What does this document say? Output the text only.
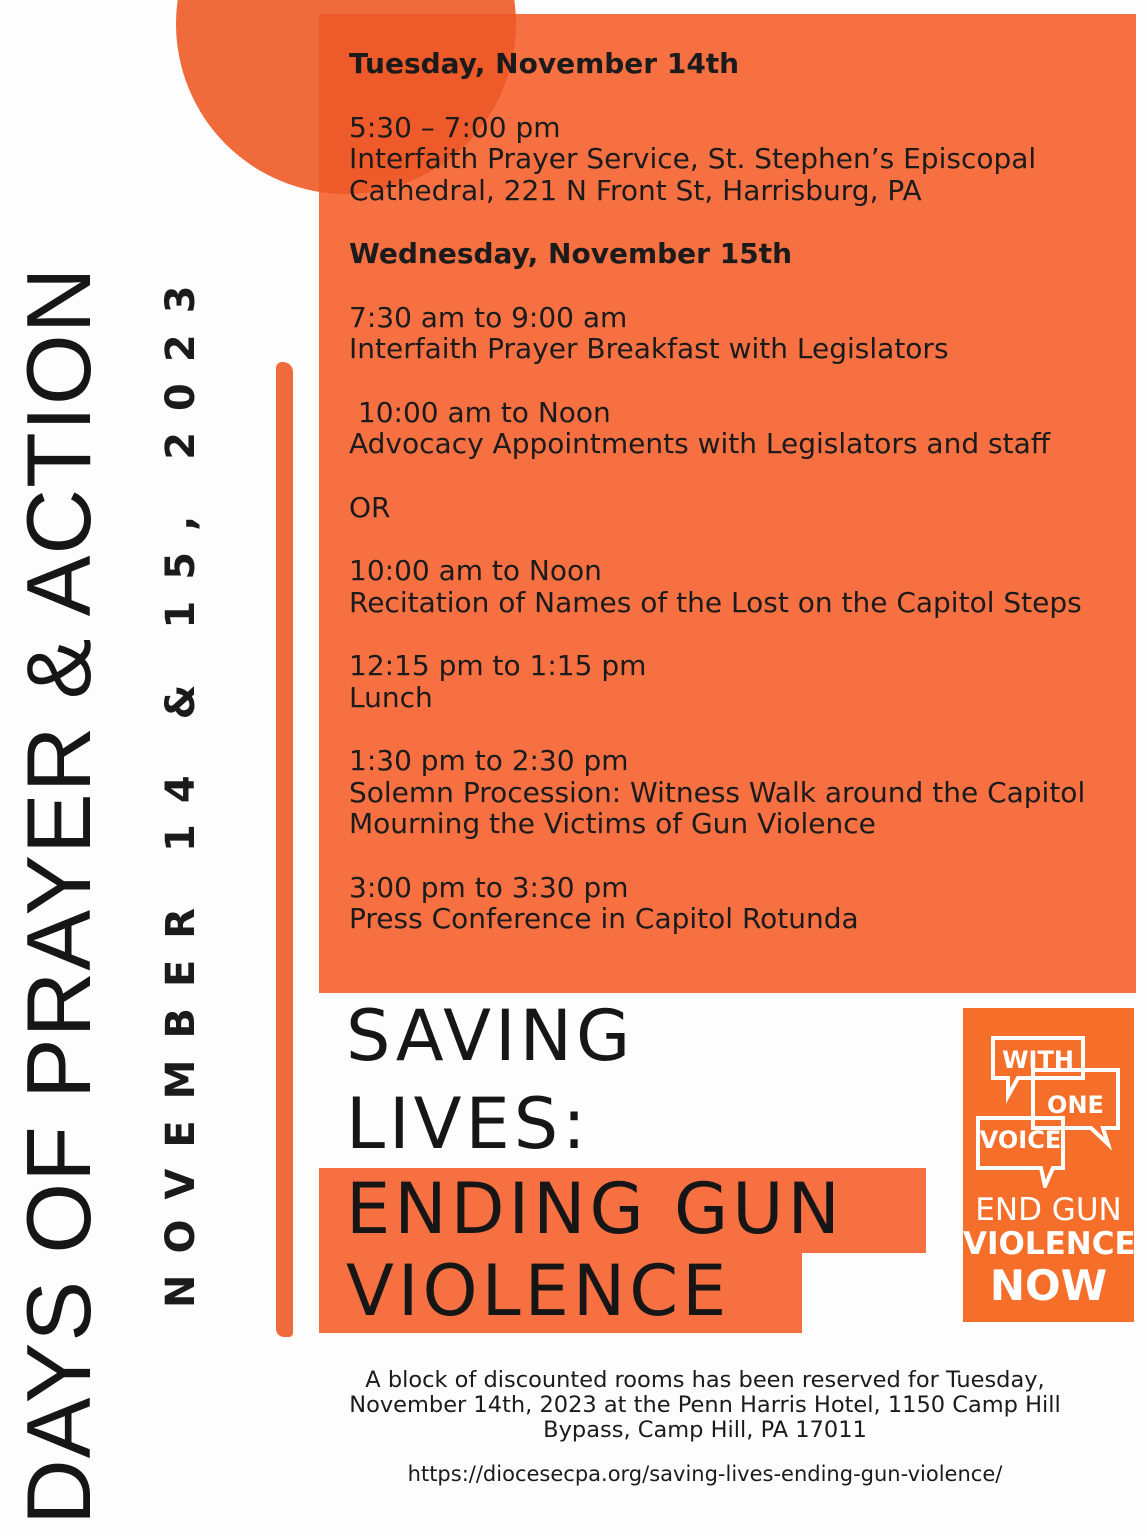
DAYS OF PRAYER & ACTION NOVEMBER 14 & 15, 2023
Tuesday, November 14th
5:30 – 7:00 pm
Interfaith Prayer Service, St. Stephen’s Episcopal
Cathedral, 221 N Front St, Harrisburg, PA
Wednesday, November 15th
7:30 am to 9:00 am
Interfaith Prayer Breakfast with Legislators
10:00 am to Noon
Advocacy Appointments with Legislators and staff
OR
10:00 am to Noon
Recitation of Names of the Lost on the Capitol Steps
12:15 pm to 1:15 pm
Lunch
1:30 pm to 2:30 pm
Solemn Procession: Witness Walk around the Capitol
Mourning the Victims of Gun Violence
3:00 pm to 3:30 pm
Press Conference in Capitol Rotunda
SAVING
LIVES:
ENDING GUN
VIOLENCE
WITH
ONE
VOICE
END GUN
VIOLENCE
NOW
A block of discounted rooms has been reserved for Tuesday,
November 14th, 2023 at the Penn Harris Hotel, 1150 Camp Hill
Bypass, Camp Hill, PA 17011
https://diocesecpa.org/saving-lives-ending-gun-violence/
